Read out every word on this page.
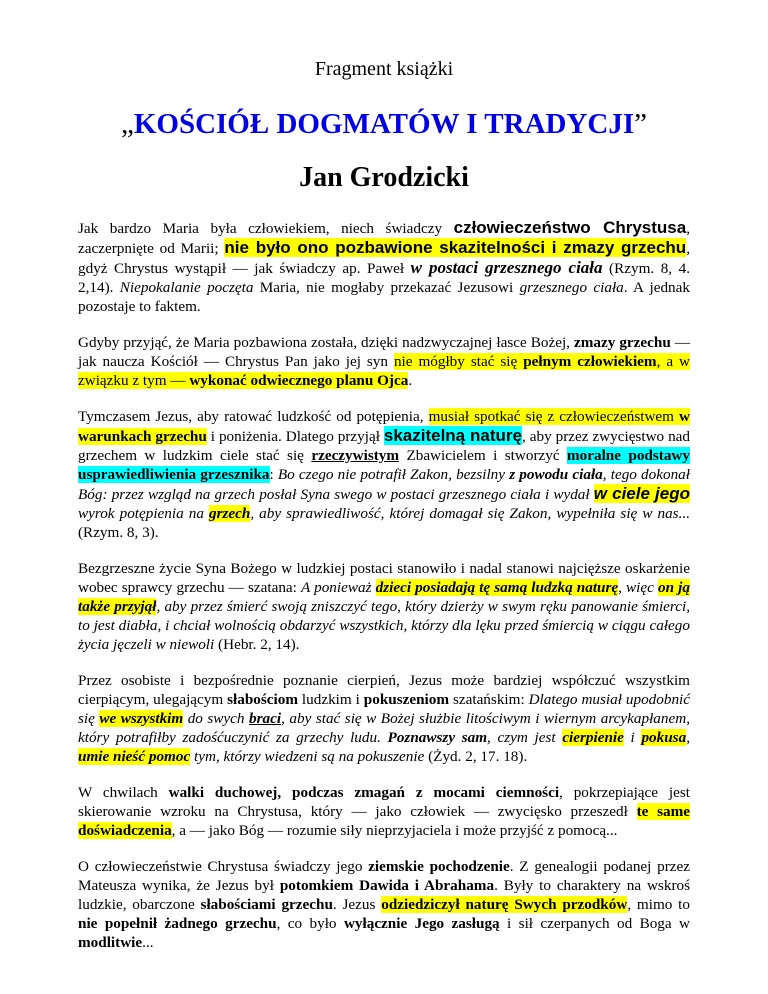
Fragment książki
„KOŚCIÓŁ DOGMATÓW I TRADYCJI”
Jan Grodzicki

Jak bardzo Maria była człowiekiem, niech świadczy człowieczeństwo Chrystusa, zaczerpnięte od Marii; nie było ono pozbawione skazitelności i zmazy grzechu, gdyż Chrystus wystąpił — jak świadczy ap. Paweł w postaci grzesznego ciała (Rzym. 8, 4. 2,14). Niepokalanie poczęta Maria, nie mogłaby przekazać Jezusowi grzesznego ciała. A jednak pozostaje to faktem.

Gdyby przyjąć, że Maria pozbawiona została, dzięki nadzwyczajnej łasce Bożej, zmazy grzechu — jak naucza Kościół — Chrystus Pan jako jej syn nie mógłby stać się pełnym człowiekiem, a w związku z tym — wykonać odwiecznego planu Ojca.

Tymczasem Jezus, aby ratować ludzkość od potępienia, musiał spotkać się z człowieczeństwem w warunkach grzechu i poniżenia. Dlatego przyjął skazitelną naturę, aby przez zwycięstwo nad grzechem w ludzkim ciele stać się rzeczywistym Zbawicielem i stworzyć moralne podstawy usprawiedliwienia grzesznika: Bo czego nie potrafił Zakon, bezsilny z powodu ciała, tego dokonał Bóg: przez wzgląd na grzech posłał Syna swego w postaci grzesznego ciała i wydał w ciele jego wyrok potępienia na grzech, aby sprawiedliwość, której domagał się Zakon, wypełniła się w nas... (Rzym. 8, 3).

Bezgrzeszne życie Syna Bożego w ludzkiej postaci stanowiło i nadal stanowi najcięższe oskarżenie wobec sprawcy grzechu — szatana: A ponieważ dzieci posiadają tę samą ludzką naturę, więc on ją także przyjął, aby przez śmierć swoją zniszczyć tego, który dzierży w swym ręku panowanie śmierci, to jest diabła, i chciał wolnością obdarzyć wszystkich, którzy dla lęku przed śmiercią w ciągu całego życia jęczeli w niewoli (Hebr. 2, 14).

Przez osobiste i bezpośrednie poznanie cierpień, Jezus może bardziej współczuć wszystkim cierpiącym, ulegającym słabościom ludzkim i pokuszeniom szatańskim: Dlatego musiał upodobnić się we wszystkim do swych braci, aby stać się w Bożej służbie litościwym i wiernym arcykapłanem, który potrafiłby zadośćuczynić za grzechy ludu. Poznawszy sam, czym jest cierpienie i pokusa, umie nieść pomoc tym, którzy wiedzeni są na pokuszenie (Żyd. 2, 17. 18).

W chwilach walki duchowej, podczas zmagań z mocami ciemności, pokrzepiające jest skierowanie wzroku na Chrystusa, który — jako człowiek — zwycięsko przeszedł te same doświadczenia, a — jako Bóg — rozumie siły nieprzyjaciela i może przyjść z pomocą...

O człowieczeństwie Chrystusa świadczy jego ziemskie pochodzenie. Z genealogii podanej przez Mateusza wynika, że Jezus był potomkiem Dawida i Abrahama. Były to charaktery na wskroś ludzkie, obarczone słabościami grzechu. Jezus odziedziczył naturę Swych przodków, mimo to nie popełnił żadnego grzechu, co było wyłącznie Jego zasługą i sił czerpanych od Boga w modlitwie...
